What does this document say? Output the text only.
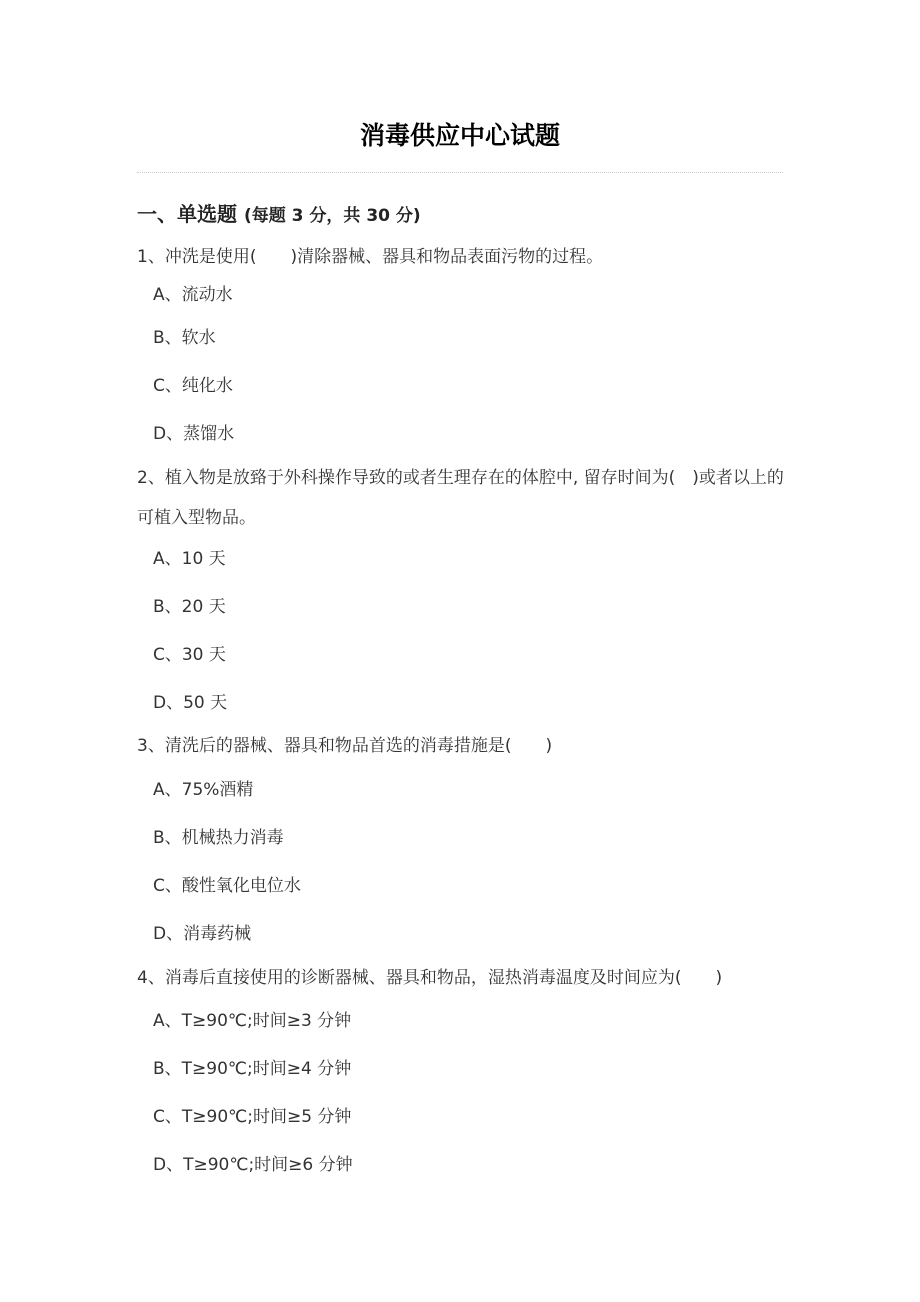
消毒供应中心试题
一、单选题 (每题 3 分，共 30 分)

1、冲洗是使用(　　)清除器械、器具和物品表面污物的过程。

A、流动水

B、软水

C、纯化水

D、蒸馏水

2、植入物是放臵于外科操作导致的或者生理存在的体腔中, 留存时间为(　)或者以上的可植入型物品。

A、10 天

B、20 天

C、30 天

D、50 天

3、清洗后的器械、器具和物品首选的消毒措施是(　　)

A、75%酒精

B、机械热力消毒

C、酸性氧化电位水

D、消毒药械

4、消毒后直接使用的诊断器械、器具和物品，湿热消毒温度及时间应为(　　)

A、T≥90℃;时间≥3 分钟

B、T≥90℃;时间≥4 分钟

C、T≥90℃;时间≥5 分钟

D、T≥90℃;时间≥6 分钟
